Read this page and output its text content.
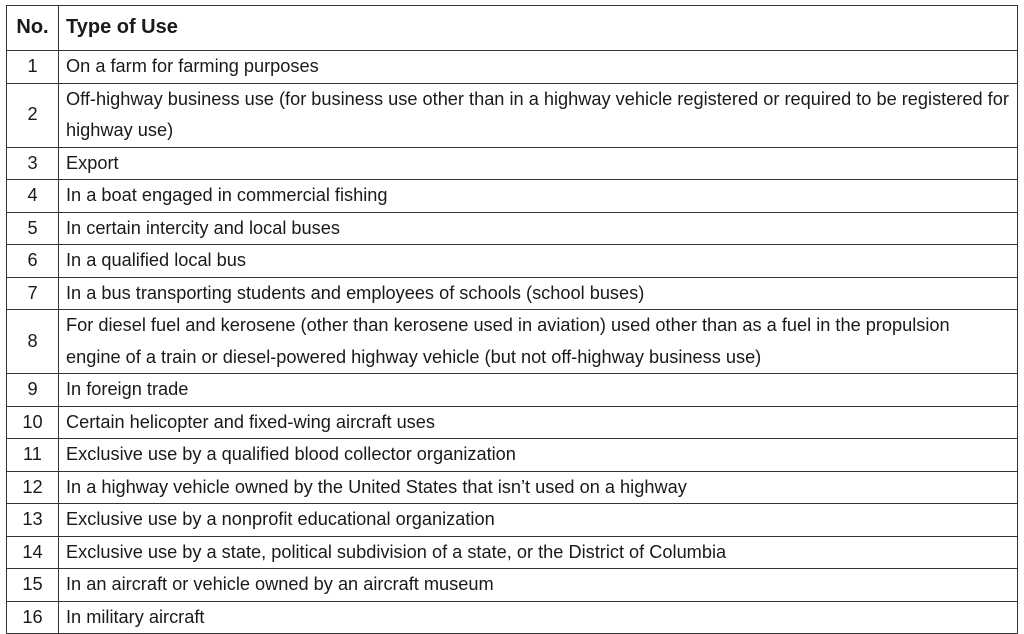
No.	Type of Use
1	On a farm for farming purposes
2	Off-highway business use (for business use other than in a highway vehicle registered or required to be registered for highway use)
3	Export
4	In a boat engaged in commercial fishing
5	In certain intercity and local buses
6	In a qualified local bus
7	In a bus transporting students and employees of schools (school buses)
8	For diesel fuel and kerosene (other than kerosene used in aviation) used other than as a fuel in the propulsion engine of a train or diesel-powered highway vehicle (but not off-highway business use)
9	In foreign trade
10	Certain helicopter and fixed-wing aircraft uses
11	Exclusive use by a qualified blood collector organization
12	In a highway vehicle owned by the United States that isn’t used on a highway
13	Exclusive use by a nonprofit educational organization
14	Exclusive use by a state, political subdivision of a state, or the District of Columbia
15	In an aircraft or vehicle owned by an aircraft museum
16	In military aircraft
